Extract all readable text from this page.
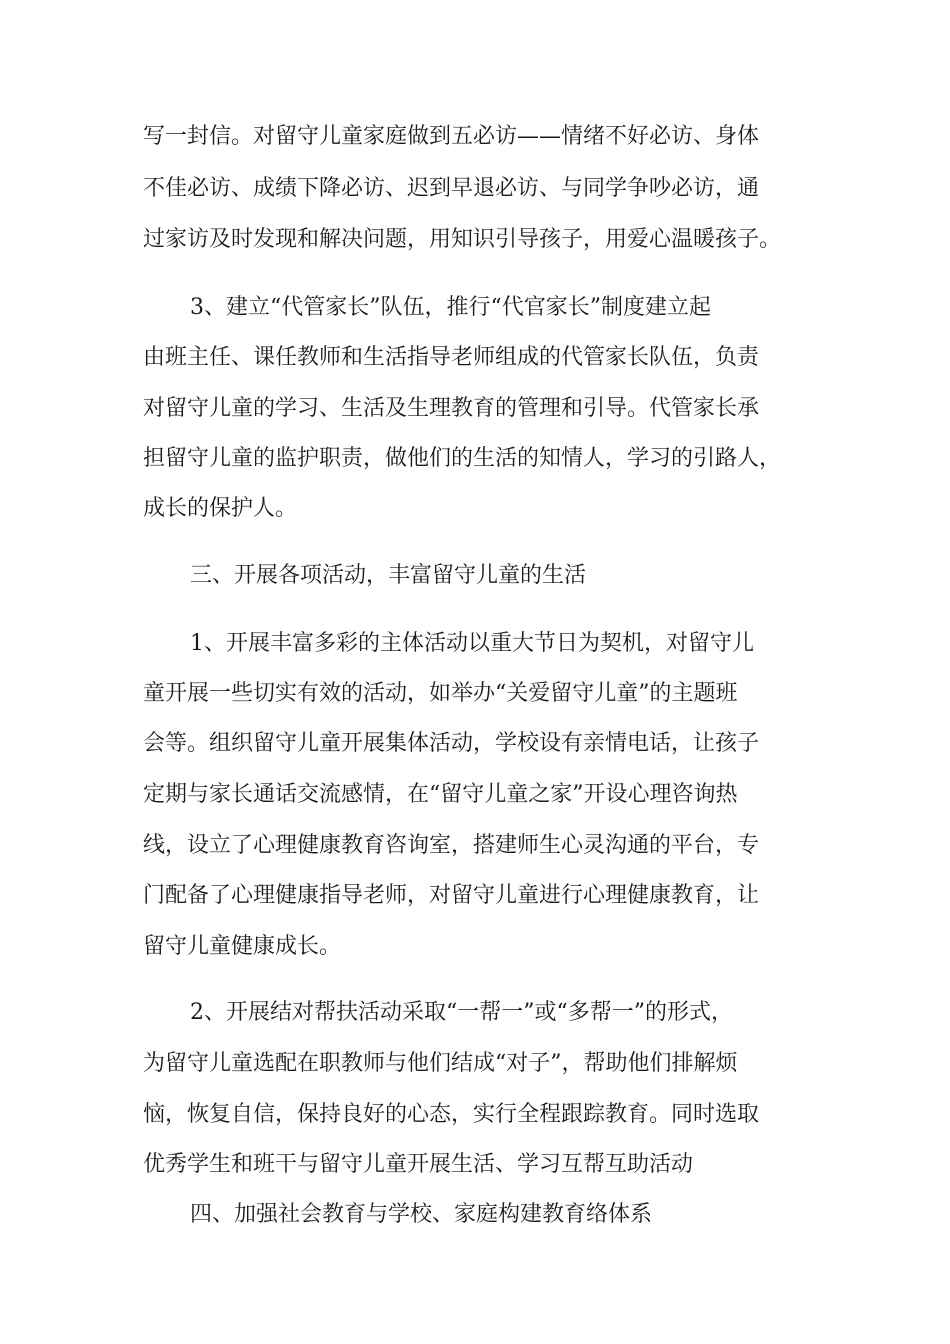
写一封信。对留守儿童家庭做到五必访——情绪不好必访、身体
不佳必访、成绩下降必访、迟到早退必访、与同学争吵必访，通
过家访及时发现和解决问题，用知识引导孩子，用爱心温暖孩子。
3、建立“代管家长”队伍，推行“代官家长”制度建立起
由班主任、课任教师和生活指导老师组成的代管家长队伍，负责
对留守儿童的学习、生活及生理教育的管理和引导。代管家长承
担留守儿童的监护职责，做他们的生活的知情人，学习的引路人，
成长的保护人。
三、开展各项活动，丰富留守儿童的生活
1、开展丰富多彩的主体活动以重大节日为契机，对留守儿
童开展一些切实有效的活动，如举办“关爱留守儿童”的主题班
会等。组织留守儿童开展集体活动，学校设有亲情电话，让孩子
定期与家长通话交流感情，在“留守儿童之家”开设心理咨询热
线，设立了心理健康教育咨询室，搭建师生心灵沟通的平台，专
门配备了心理健康指导老师，对留守儿童进行心理健康教育，让
留守儿童健康成长。
2、开展结对帮扶活动采取“一帮一”或“多帮一”的形式，
为留守儿童选配在职教师与他们结成“对子”，帮助他们排解烦
恼，恢复自信，保持良好的心态，实行全程跟踪教育。同时选取
优秀学生和班干与留守儿童开展生活、学习互帮互助活动
四、加强社会教育与学校、家庭构建教育络体系
